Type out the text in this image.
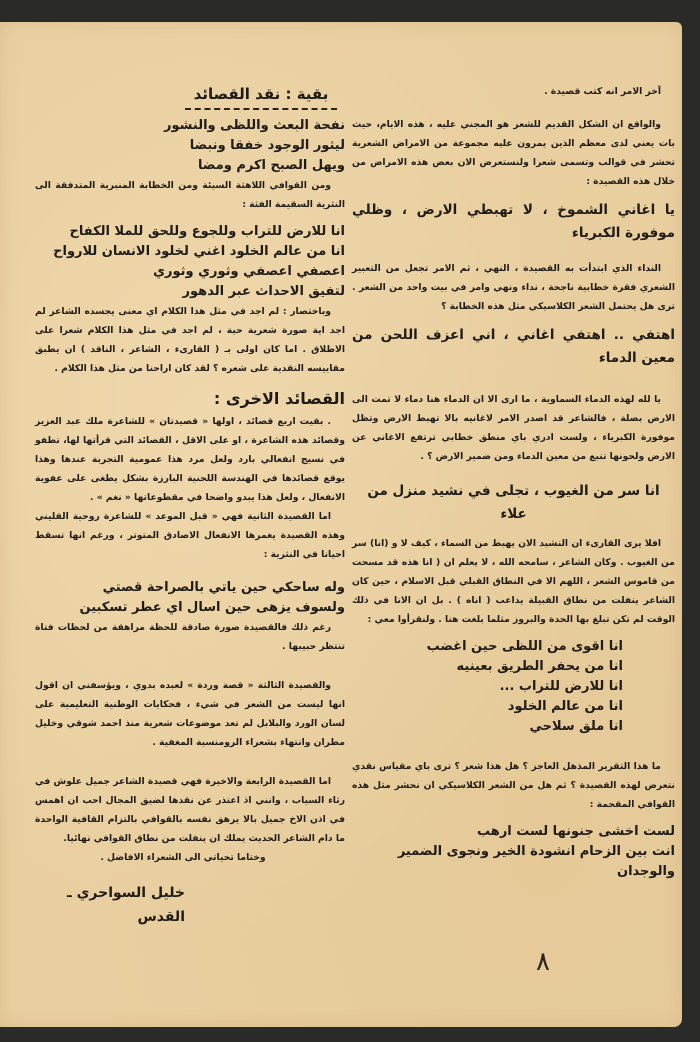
آخر الامر انه كتب قصيدة .

والواقع ان الشكل القديم للشعر هو المجني عليه ، هذه الايام، حيث بات يعني لدى معظم الذين يمرون عليه مجموعة من الامراض الشعرية تحشر في قوالب وتسمى شعرا ولنستعرض الان بعض هذه الامراض من خلال هذه القصيدة :

يا اغاني الشموخ ، لا تهبطي الارض ، وظلي موفورة الكبرياء

النداء الذي ابتدأت به القصيدة ، النهي ، ثم الامر تجعل من التعبير الشعري فقرة خطابية ناجحة ، نداء ونهي وامر في بيت واحد من الشعر . ترى هل يحتمل الشعر الكلاسيكي مثل هذه الخطابة ؟

اهتفي .. اهتفي اغاني ، اني اعزف اللحن من معين الدماء

يا لله لهذه الدماء السماوية ، ما ارى الا ان الدماء هنا دماء لا تمت الى الارض بصلة ، فالشاعر قد اصدر الامر لاغانيه بالا تهبط الارض وتظل موفورة الكبرياء ، ولست ادري باي منطق خطابي ترتفع الاغاني عن الارض ولحونها تنبع من معين الدماء ومن ضمير الارض ؟ .

انا سر من الغيوب ، تجلى في نشيد منزل من علاء

افلا يرى القارىء ان النشيد الان يهبط من السماء ، كيف لا و (انا) سر من الغيوب . وكان الشاعر ، سامحه الله ، لا يعلم ان ( انا هذه قد مسحت من قاموس الشعر ، اللهم الا في النطاق القبلي قبل الاسلام ، حين كان الشاعر ينفلت من نطاق القبيلة يداعب ( اناه ) . بل ان الانا في ذلك الوقت لم تكن تبلغ بها الحدة والبروز مثلما بلغت هنا . ولنقرأوا معي :

انا اقوى من اللظى حين اغضب

انا من يحفر الطريق بعينيه

انا للارض للتراب ...

انا من عالم الخلود

انا ملق سلاحي

ما هذا التقرير المذهل العاجز ؟ هل هذا شعر ؟ ترى باي مقياس نقدي نتعرض لهذه القصيدة ؟ ثم هل من الشعر الكلاسيكي ان نحشر مثل هذه القوافي المقحمة :

لست اخشى جنونها لست ارهب

انت بين الزحام انشودة الخير ونجوى الضمير والوجدان

بقية : نقد القصائد

نفحة البعث واللظى والنشور

ليثور الوجود خفقا ونبضا

ويهل الصبح اكرم ومضا

ومن القوافي اللاهثة السيئة ومن الخطابة المنبرية المتدفقة الى النثرية السقيمة الفثة :

انا للارض للتراب وللجوع وللحق للملا الكفاح

انا من عالم الخلود اغني لخلود الانسان للارواح

اعصفي اعصفي وثوري وثوري

لتفيق الاحداث عبر الدهور

وباختصار : لم اجد في مثل هذا الكلام اي معنى يجسده الشاعر لم اجد اية صورة شعرية حية ، لم اجد في مثل هذا الكلام شعرا على الاطلاق . اما كان اولى بـ ( القارىء ، الشاعر ، الناقد ) ان يطبق مقاييسه النقدية على شعره ؟ لقد كان اراحنا من مثل هذا الكلام .

القصائد الاخرى :

. بقيت اربع قصائد ، اولها « قصيدتان » للشاعرة ملك عبد العزيز وقصائد هذه الشاعرة ، او على الاقل ، القصائد التي قرأتها لها، تطفو في نسيج انفعالي بارد ولعل مرد هذا عمومية التجربة عندها وهذا يوقع قصائدها في الهندسة اللحنية البارزة بشكل يطغى على عفوية الانفعال ، ولعل هذا يبدو واضحا في مقطوعاتها « نغم » .

اما القصيدة الثانية فهي « قبل الموعد » للشاعرة روحية القليني وهذه القصيدة يغمرها الانفعال الاصادق المتوتر ، ورغم انها تسقط احيانا في النثرية :

وله ساحكي حين ياتي بالصراحة قصتي

ولسوف يزهى حين اسال اي عطر تسكبين

رغم ذلك فالقصيدة صورة صادقة للحظة مراهقة من لحظات فتاة تنتظر حبيبها .

والقصيدة الثالثة « قصة وردة » لعبده بدوي ، ويؤسفني ان اقول انها ليست من الشعر في شيء ، فحكايات الوطنية التعليمية على لسان الورد والبلابل لم تعد موضوعات شعرية منذ احمد شوقي وخليل مطران وانتهاء بشعراء الرومنسية المغفية .

اما القصيدة الرابعة والاخيرة فهي قصيدة الشاعر جميل علوش في رثاء السياب ، وانني اذ اعتذر عن نقدها لضيق المجال احب ان اهمس في اذن الاخ جميل بالا يرهق نفسه بالقوافي بالتزام القافية الواحدة ما دام الشاعر الحديث يملك ان ينفلت من نطاق القوافي نهائيا.

وختاما تحياتي الى الشعراء الافاضل .

خليل السواحري ـ القدس

٨
